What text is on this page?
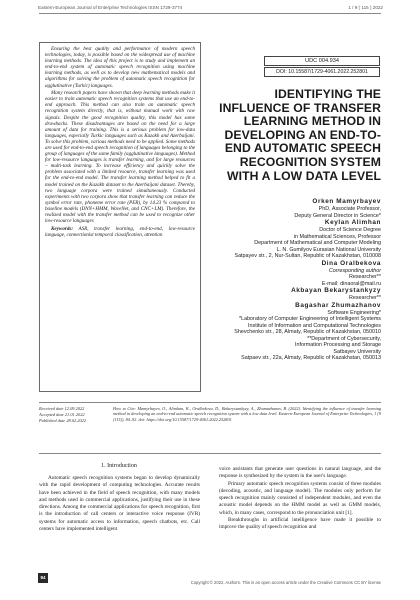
Eastern-European Journal of Enterprise Technologies ISSN 1729-3774	1 / 9 ( 115 ) 2022

Ensuring the best quality and performance of modern speech technologies, today, is possible based on the widespread use of machine learning methods. The idea of this project is to study and implement an end-to-end system of automatic speech recognition using machine learning methods, as well as to develop new mathematical models and algorithms for solving the problem of automatic speech recognition for agglutinative (Turkic) languages.

Many research papers have shown that deep learning methods make it easier to train automatic speech recognition systems that use an end-to-end approach. This method can also train an automatic speech recognition system directly, that is, without manual work with raw signals. Despite the good recognition quality, this model has some drawbacks. These disadvantages are based on the need for a large amount of data for training. This is a serious problem for low-data languages, especially Turkic languages such as Kazakh and Azerbaijani. To solve this problem, various methods need to be applied. Some methods are used for end-to-end speech recognition of languages belonging to the group of languages of the same family (agglutinative languages). Method for low-resource languages is transfer learning, and for large resources – multi-task learning. To increase efficiency and quickly solve the problem associated with a limited resource, transfer learning was used for the end-to-end model. The transfer learning method helped to fit a model trained on the Kazakh dataset to the Azerbaijani dataset. Thereby, two language corpora were trained simultaneously. Conducted experiments with two corpora show that transfer learning can reduce the symbol error rate, phoneme error rate (PER), by 14.23 % compared to baseline models (DNN+HMM, WaveNet, and CNC+LM). Therefore, the realized model with the transfer method can be used to recognize other low-resource languages

Keywords: ASR, transfer learning, end-to-end, low-resource language, connectionist temporal classification, attention

UDC 004.934
DOI: 10.15587/1729-4061.2022.252801
IDENTIFYING THE INFLUENCE OF TRANSFER LEARNING METHOD IN DEVELOPING AN END-TO-END AUTOMATIC SPEECH RECOGNITION SYSTEM WITH A LOW DATA LEVEL
Orken Mamyrbayev
PhD, Associate Professor,
Deputy General Director in Science*
Keylan Alimhan
Doctor of Science Degree
in Mathematical Sciences, Professor
Department of Mathematical and Computer Modeling
L. N. Gumilyov Eurasian National University
Satpayev str., 2, Nur-Sultan, Republic of Kazakhstan, 010008
Dina Oralbekova
Corresponding author
Researcher**
E-mail: dinaoral@mail.ru
Akbayan Bekarystankyzy
Researcher**
Bagashar Zhumazhanov
Software Engineering*
*Laboratory of Computer Engineering of Intelligent Systems
Institute of Information and Computational Technologies
Shevchenko str., 28, Almaty, Republic of Kazakhstan, 050010
**Department of Cybersecurity,
Information Processing and Storage
Satbayev University
Satpaev str., 22a, Almaty, Republic of Kazakhstan, 050013
Received date 12.09.2022
Accepted date 21.01.2022
Published date 28.02.2022
How to Cite: Mamyrbayev, O., Alimhan, K., Oralbekova, D., Bekarystankyzy, A., Zhumazhanov, B. (2022). Identifying the influence of transfer learning method in developing an end-to-end automatic speech recognition system with a low data level. Eastern-European Journal of Enterprise Technologies, 1 (9 (115)), 84–92. doi: https://doi.org/10.15587/1729-4061.2022.252801
1. Introduction

Automatic speech recognition systems began to develop dynamically with the rapid development of computing technologies. Accurate results have been achieved in the field of speech recognition, with many models and methods used in commercial applications, justifying their use in these directions. Among the commercial applications for speech recognition, first is the introduction of call centers or interactive voice response (IVR) systems for automatic access to information, speech chatbots, etc. Call centers have implemented intelligent

voice assistants that generate user questions in natural language, and the response is synthesized by the system in the user's language.

Primary automatic speech recognition systems consist of three modules (decoding, acoustic, and language model). The modules only perform for speech recognition mainly consisted of independent modules, and even the acoustic model depends on the HMM model as well as GMM models, which, in many cases, correspond to the pronunciation unit [1].

Breakthroughs in artificial intelligence have made it possible to improve the quality of speech recognition and

84
Copyright © 2022, Authors. This is an open access article under the Creative Commons CC BY license
